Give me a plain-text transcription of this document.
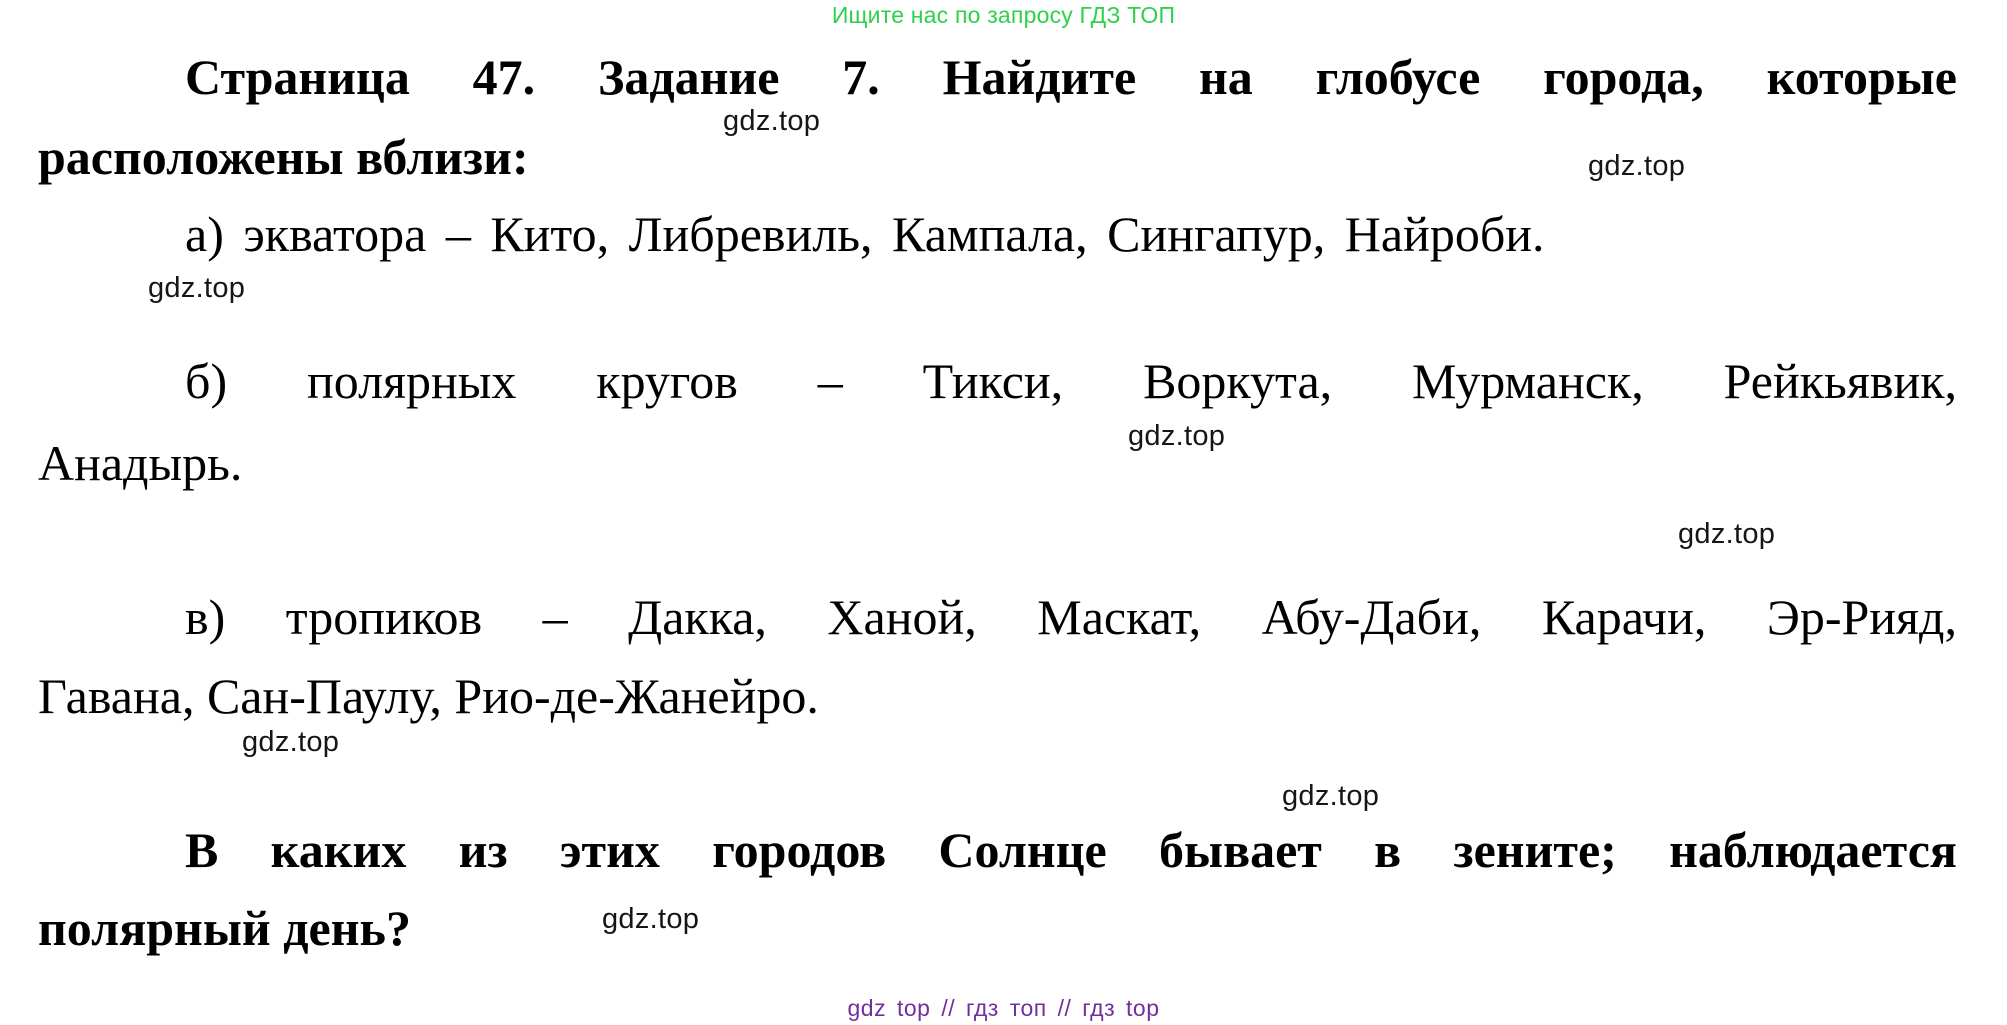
Ищите нас по запросу ГДЗ ТОП
Страница 47. Задание 7. Найдите на глобусе города, которые
расположены вблизи:
а) экватора – Кито, Либревиль, Кампала, Сингапур, Найроби.
б) полярных кругов – Тикси, Воркута, Мурманск, Рейкьявик,
Анадырь.
в) тропиков – Дакка, Ханой, Маскат, Абу-Даби, Карачи, Эр-Рияд,
Гавана, Сан-Паулу, Рио-де-Жанейро.
В каких из этих городов Солнце бывает в зените; наблюдается
полярный день?
gdz.top
gdz.top
gdz.top
gdz.top
gdz.top
gdz.top
gdz.top
gdz.top
gdz top // гдз топ // гдз top
